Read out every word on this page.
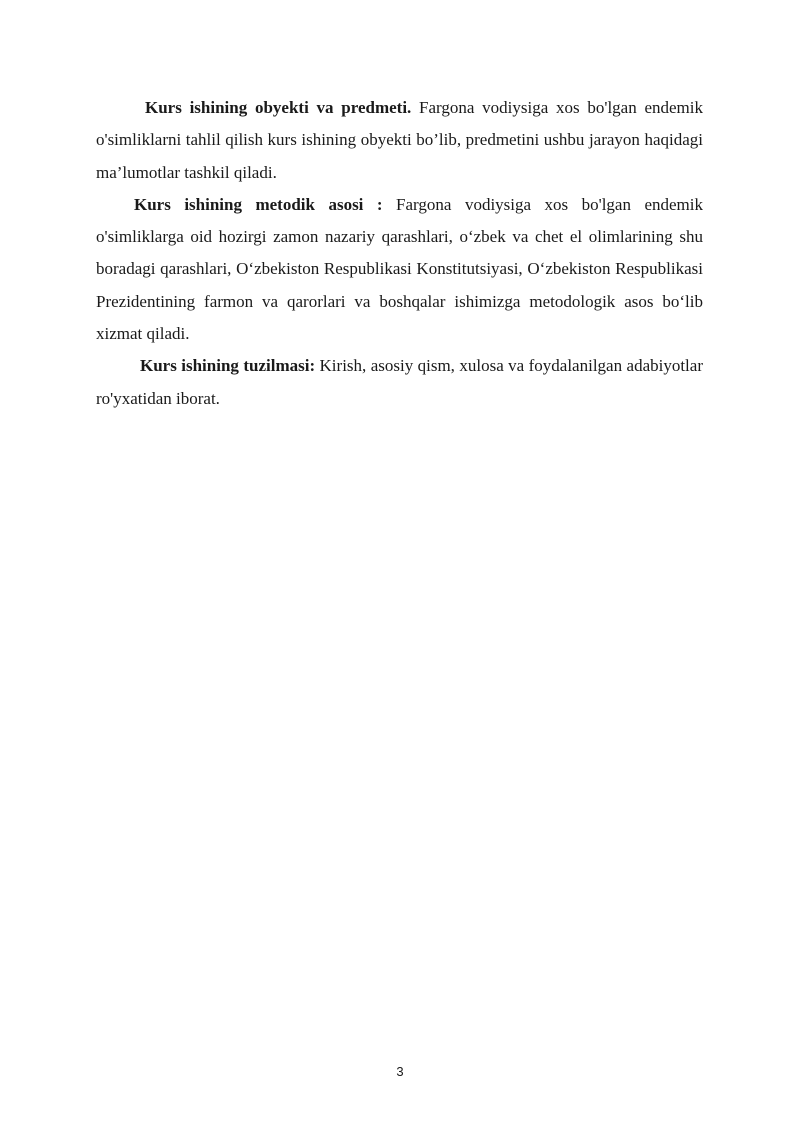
Kurs ishining obyekti va predmeti. Fargona vodiysiga xos bo'lgan endemik o'simliklarni tahlil qilish kurs ishining obyekti bo’lib, predmetini ushbu jarayon haqidagi ma’lumotlar tashkil qiladi.

Kurs ishining metodik asosi : Fargona vodiysiga xos bo'lgan endemik o'simliklarga oid hozirgi zamon nazariy qarashlari, o‘zbek va chet el olimlarining shu boradagi qarashlari, O‘zbekiston Respublikasi Konstitutsiyasi, O‘zbekiston Respublikasi Prezidentining farmon va qarorlari va boshqalar ishimizga metodologik asos bo‘lib xizmat qiladi.

Kurs ishining tuzilmasi: Kirish, asosiy qism, xulosa va foydalanilgan adabiyotlar ro'yxatidan iborat.

3
